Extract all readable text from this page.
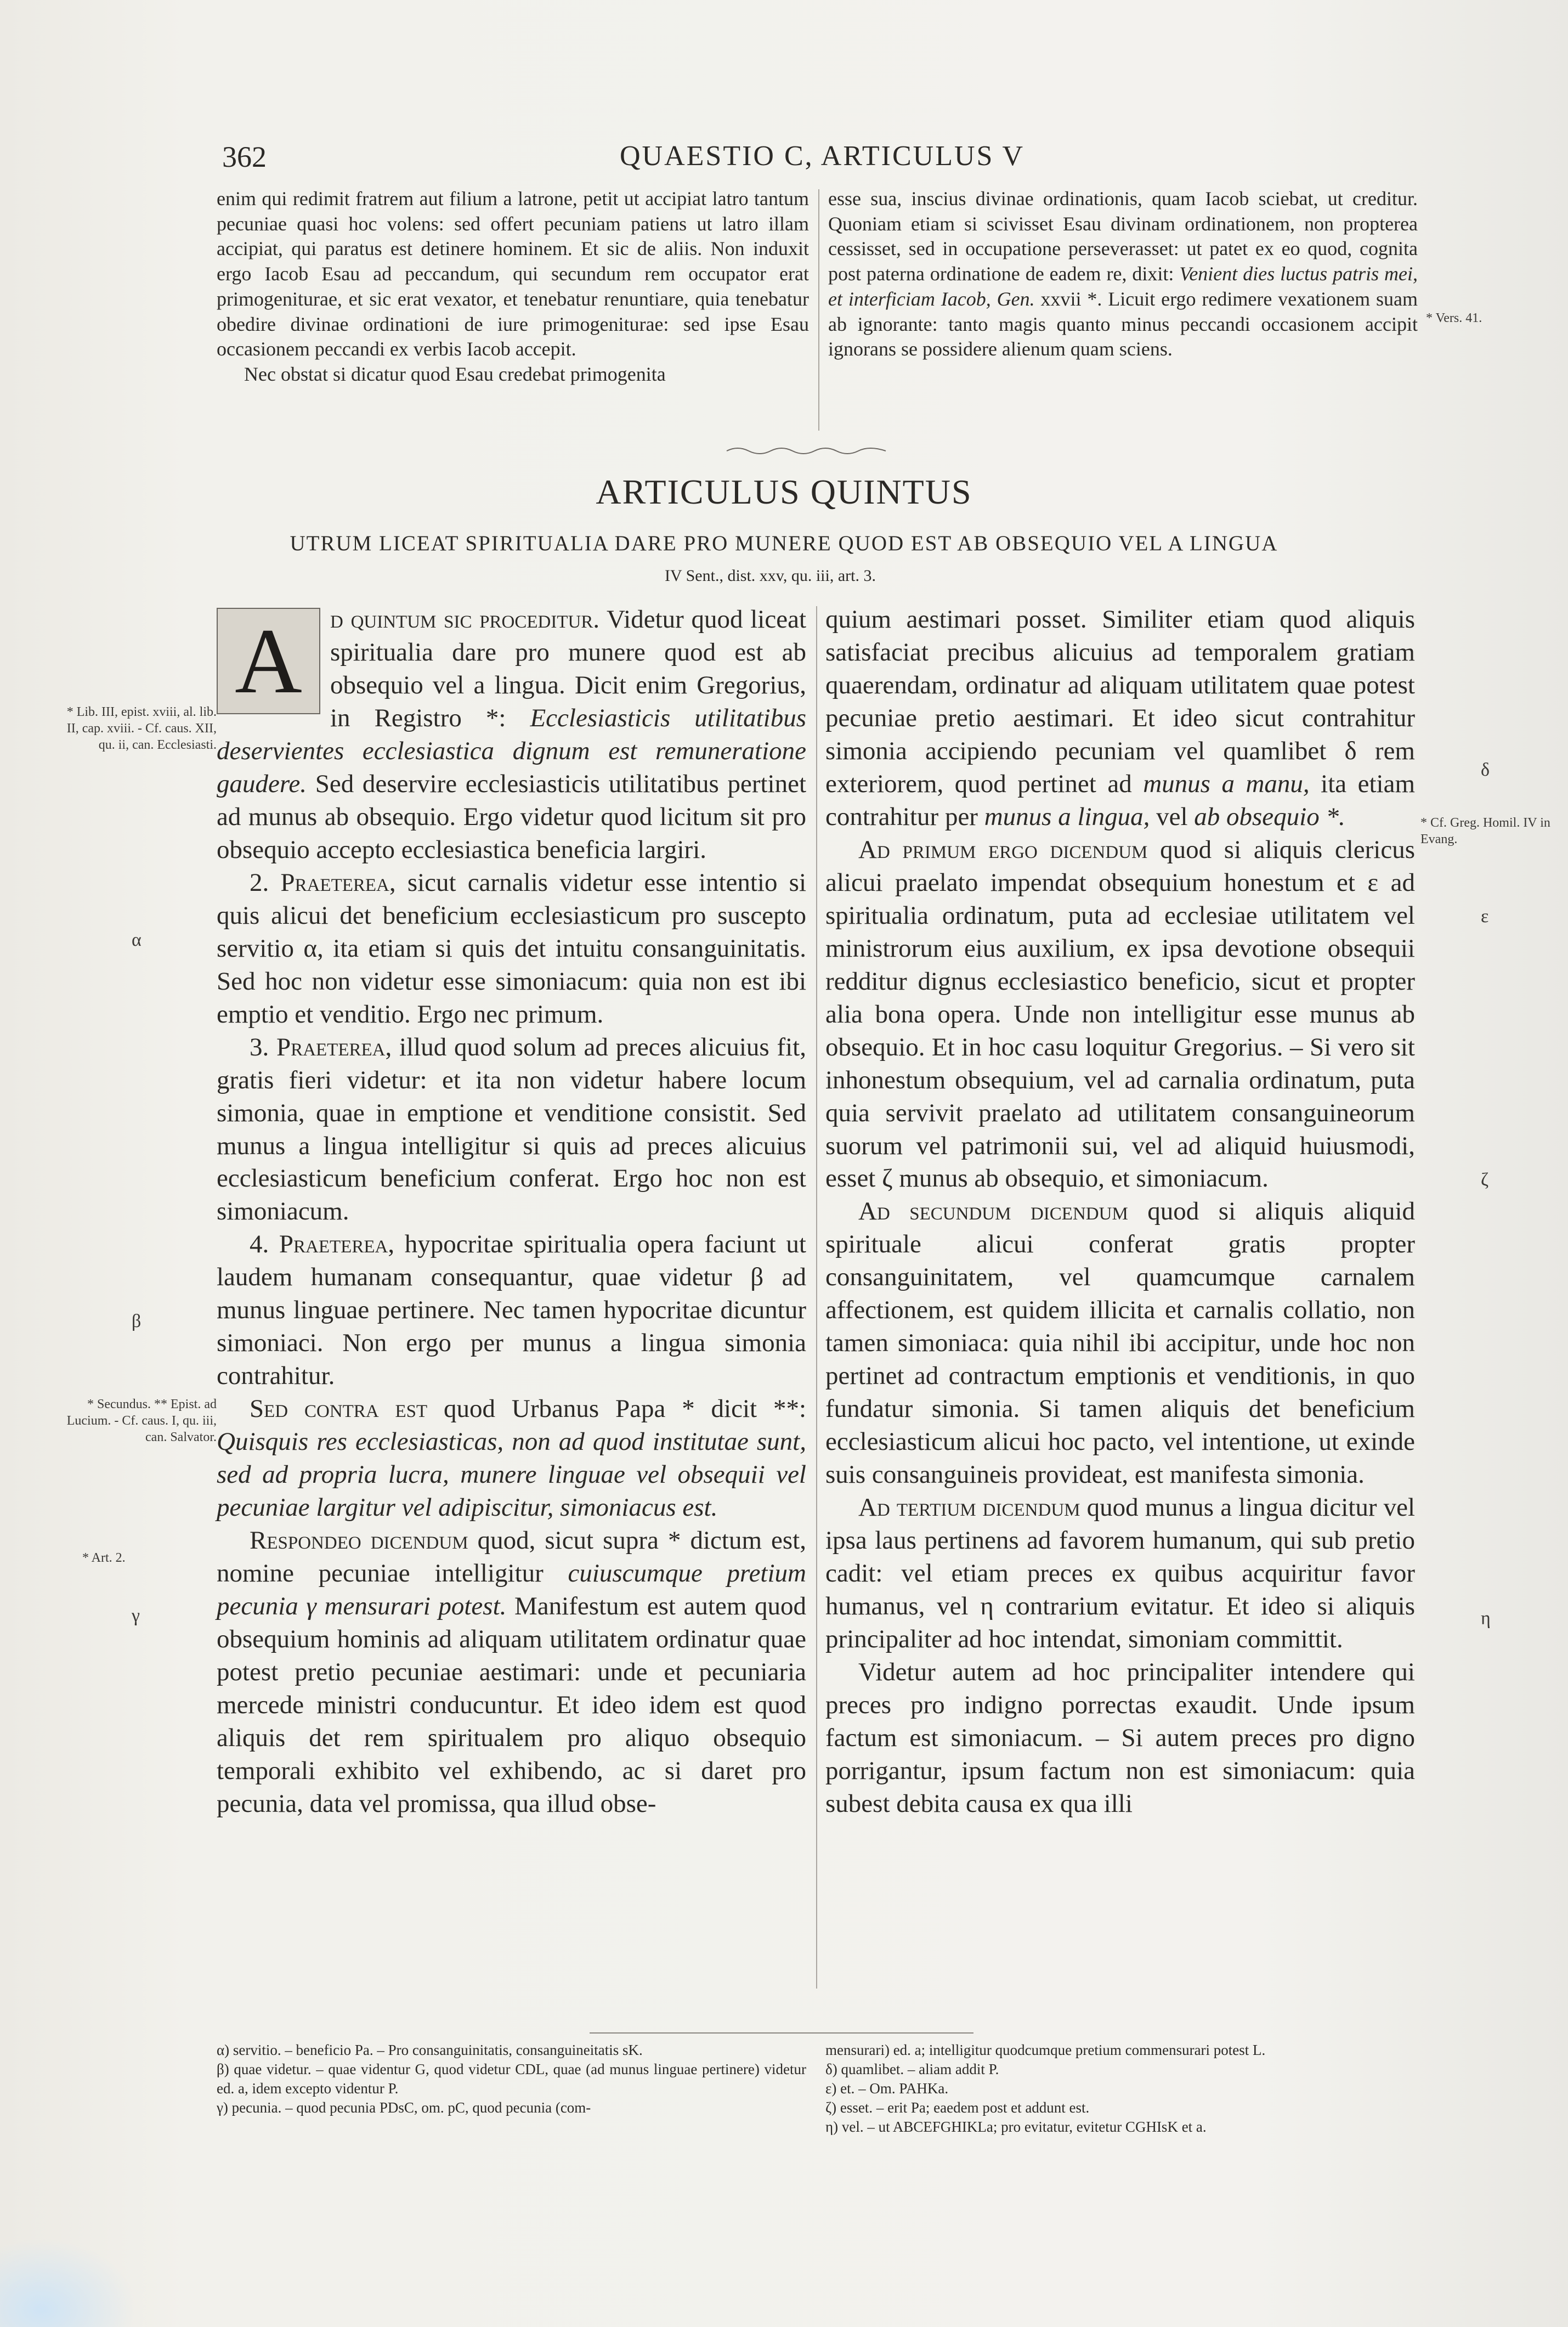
362	QUAESTIO C, ARTICULUS V

enim qui redimit fratrem aut filium a latrone, petit ut accipiat latro tantum pecuniae quasi hoc volens: sed offert pecuniam patiens ut latro illam accipiat, qui paratus est detinere hominem. Et sic de aliis. Non induxit ergo Iacob Esau ad peccandum, qui secundum rem occupator erat primogeniturae, et sic erat vexator, et tenebatur renuntiare, quia tenebatur obedire divinae ordinationi de iure primogeniturae: sed ipse Esau occasionem peccandi ex verbis Iacob accepit.

Nec obstat si dicatur quod Esau credebat primogenita

esse sua, inscius divinae ordinationis, quam Iacob sciebat, ut creditur. Quoniam etiam si scivisset Esau divinam ordinationem, non propterea cessisset, sed in occupatione perseverasset: ut patet ex eo quod, cognita post paterna ordinatione de eadem re, dixit: Venient dies luctus patris mei, et interficiam Iacob, Gen. xxvii *. Licuit ergo redimere vexationem suam ab ignorante: tanto magis quanto minus peccandi occasionem accipit ignorans se possidere alienum quam sciens.

* Vers. 41.
ARTICULUS QUINTUS
UTRUM LICEAT SPIRITUALIA DARE PRO MUNERE QUOD EST AB OBSEQUIO VEL A LINGUA
IV Sent., dist. xxv, qu. iii, art. 3.
* Lib. III, epist. xviii, al. lib. II, cap. xviii. - Cf. caus. XII, qu. ii, can. Ecclesiasti.
α
β
* Secundus. ** Epist. ad Lucium. - Cf. caus. I, qu. iii, can. Salvator.
* Art. 2.
γ
δ
* Cf. Greg. Homil. IV in Evang.
ε
ζ
η

A	d quintum sic proceditur. Videtur quod liceat spiritualia dare pro munere quod est ab obsequio vel a lingua. Dicit enim Gregorius, in Registro *: Ecclesiasticis utilitatibus deservientes ecclesiastica dignum est remuneratione gaudere. Sed deservire ecclesiasticis utilitatibus pertinet ad munus ab obsequio. Ergo videtur quod licitum sit pro obsequio accepto ecclesiastica beneficia largiri.

2. Praeterea, sicut carnalis videtur esse intentio si quis alicui det beneficium ecclesiasticum pro suscepto servitio α, ita etiam si quis det intuitu consanguinitatis. Sed hoc non videtur esse simoniacum: quia non est ibi emptio et venditio. Ergo nec primum.

3. Praeterea, illud quod solum ad preces alicuius fit, gratis fieri videtur: et ita non videtur habere locum simonia, quae in emptione et venditione consistit. Sed munus a lingua intelligitur si quis ad preces alicuius ecclesiasticum beneficium conferat. Ergo hoc non est simoniacum.

4. Praeterea, hypocritae spiritualia opera faciunt ut laudem humanam consequantur, quae videtur β ad munus linguae pertinere. Nec tamen hypocritae dicuntur simoniaci. Non ergo per munus a lingua simonia contrahitur.

Sed contra est quod Urbanus Papa * dicit **: Quisquis res ecclesiasticas, non ad quod institutae sunt, sed ad propria lucra, munere linguae vel obsequii vel pecuniae largitur vel adipiscitur, simoniacus est.

Respondeo dicendum quod, sicut supra * dictum est, nomine pecuniae intelligitur cuiuscumque pretium pecunia γ mensurari potest. Manifestum est autem quod obsequium hominis ad aliquam utilitatem ordinatur quae potest pretio pecuniae aestimari: unde et pecuniaria mercede ministri conducuntur. Et ideo idem est quod aliquis det rem spiritualem pro aliquo obsequio temporali exhibito vel exhibendo, ac si daret pro pecunia, data vel promissa, qua illud obse-

quium aestimari posset. Similiter etiam quod aliquis satisfaciat precibus alicuius ad temporalem gratiam quaerendam, ordinatur ad aliquam utilitatem quae potest pecuniae pretio aestimari. Et ideo sicut contrahitur simonia accipiendo pecuniam vel quamlibet δ rem exteriorem, quod pertinet ad munus a manu, ita etiam contrahitur per munus a lingua, vel ab obsequio *.

Ad primum ergo dicendum quod si aliquis clericus alicui praelato impendat obsequium honestum et ε ad spiritualia ordinatum, puta ad ecclesiae utilitatem vel ministrorum eius auxilium, ex ipsa devotione obsequii redditur dignus ecclesiastico beneficio, sicut et propter alia bona opera. Unde non intelligitur esse munus ab obsequio. Et in hoc casu loquitur Gregorius. – Si vero sit inhonestum obsequium, vel ad carnalia ordinatum, puta quia servivit praelato ad utilitatem consanguineorum suorum vel patrimonii sui, vel ad aliquid huiusmodi, esset ζ munus ab obsequio, et simoniacum.

Ad secundum dicendum quod si aliquis aliquid spirituale alicui conferat gratis propter consanguinitatem, vel quamcumque carnalem affectionem, est quidem illicita et carnalis collatio, non tamen simoniaca: quia nihil ibi accipitur, unde hoc non pertinet ad contractum emptionis et venditionis, in quo fundatur simonia. Si tamen aliquis det beneficium ecclesiasticum alicui hoc pacto, vel intentione, ut exinde suis consanguineis provideat, est manifesta simonia.

Ad tertium dicendum quod munus a lingua dicitur vel ipsa laus pertinens ad favorem humanum, qui sub pretio cadit: vel etiam preces ex quibus acquiritur favor humanus, vel η contrarium evitatur. Et ideo si aliquis principaliter ad hoc intendat, simoniam committit.

Videtur autem ad hoc principaliter intendere qui preces pro indigno porrectas exaudit. Unde ipsum factum est simoniacum. – Si autem preces pro digno porrigantur, ipsum factum non est simoniacum: quia subest debita causa ex qua illi

α) servitio. – beneficio Pa. – Pro consanguinitatis, consanguineitatis sK.

β) quae videtur. – quae videntur G, quod videtur CDL, quae (ad munus linguae pertinere) videtur ed. a, idem excepto videntur P.

γ) pecunia. – quod pecunia PDsC, om. pC, quod pecunia (com-

mensurari) ed. a; intelligitur quodcumque pretium commensurari potest L.

δ) quamlibet. – aliam addit P.

ε) et. – Om. PAHKa.

ζ) esset. – erit Pa; eaedem post et addunt est.

η) vel. – ut ABCEFGHIKLa; pro evitatur, evitetur CGHIsK et a.
